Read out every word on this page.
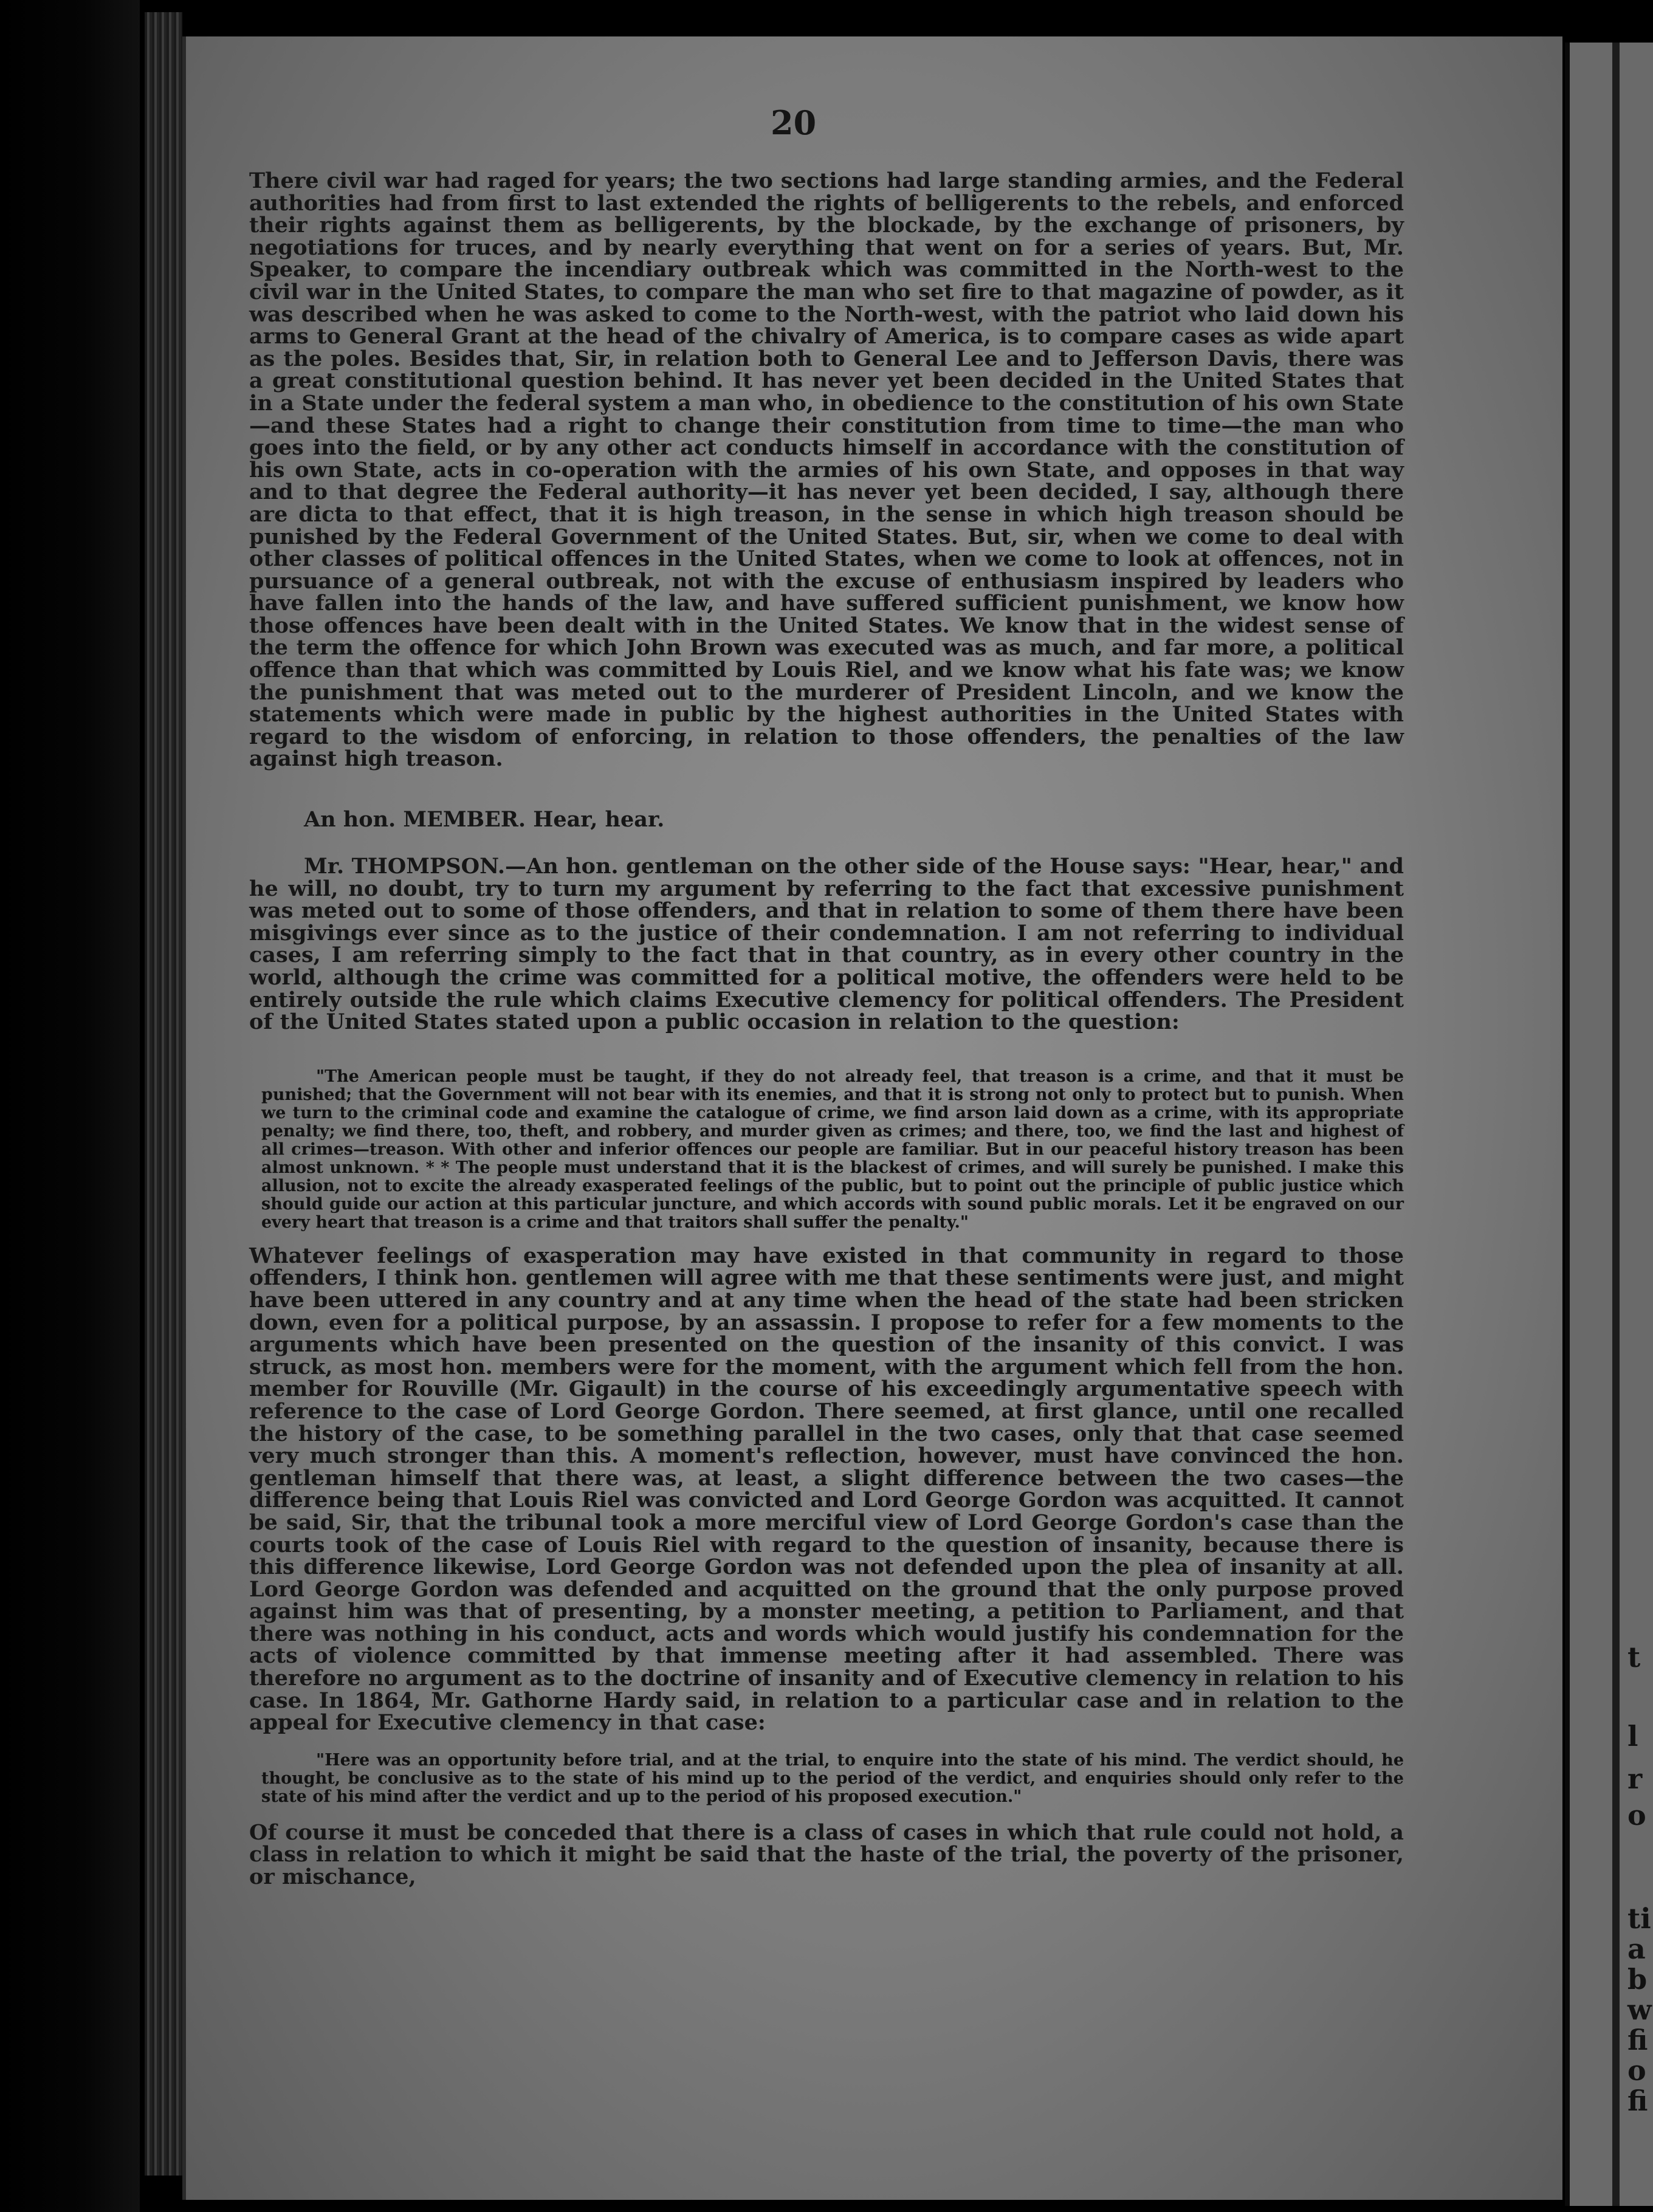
t
l
r
o
ti
a
b
w
fi
o
fi
20

There civil war had raged for years; the two sections had large standing armies, and the Federal authorities had from first to last extended the rights of belligerents to the rebels, and enforced their rights against them as belligerents, by the blockade, by the exchange of prisoners, by negotiations for truces, and by nearly everything that went on for a series of years. But, Mr. Speaker, to compare the incendiary outbreak which was committed in the North-west to the civil war in the United States, to compare the man who set fire to that magazine of powder, as it was described when he was asked to come to the North-west, with the patriot who laid down his arms to General Grant at the head of the chivalry of America, is to compare cases as wide apart as the poles. Besides that, Sir, in relation both to General Lee and to Jefferson Davis, there was a great constitutional question behind. It has never yet been decided in the United States that in a State under the federal system a man who, in obedience to the constitution of his own State—and these States had a right to change their constitution from time to time—the man who goes into the field, or by any other act conducts himself in accordance with the constitution of his own State, acts in co-operation with the armies of his own State, and opposes in that way and to that degree the Federal authority—it has never yet been decided, I say, although there are dicta to that effect, that it is high treason, in the sense in which high treason should be punished by the Federal Government of the United States. But, sir, when we come to deal with other classes of political offences in the United States, when we come to look at offences, not in pursuance of a general outbreak, not with the excuse of enthusiasm inspired by leaders who have fallen into the hands of the law, and have suffered sufficient punishment, we know how those offences have been dealt with in the United States. We know that in the widest sense of the term the offence for which John Brown was executed was as much, and far more, a political offence than that which was committed by Louis Riel, and we know what his fate was; we know the punishment that was meted out to the murderer of President Lincoln, and we know the statements which were made in public by the highest authorities in the United States with regard to the wisdom of enforcing, in relation to those offenders, the penalties of the law against high treason.

An hon. MEMBER. Hear, hear.

Mr. THOMPSON.—An hon. gentleman on the other side of the House says: "Hear, hear," and he will, no doubt, try to turn my argument by referring to the fact that excessive punishment was meted out to some of those offenders, and that in relation to some of them there have been misgivings ever since as to the justice of their condemnation. I am not referring to individual cases, I am referring simply to the fact that in that country, as in every other country in the world, although the crime was committed for a political motive, the offenders were held to be entirely outside the rule which claims Executive clemency for political offenders. The President of the United States stated upon a public occasion in relation to the question:

"The American people must be taught, if they do not already feel, that treason is a crime, and that it must be punished; that the Government will not bear with its enemies, and that it is strong not only to protect but to punish. When we turn to the criminal code and examine the catalogue of crime, we find arson laid down as a crime, with its appropriate penalty; we find there, too, theft, and robbery, and murder given as crimes; and there, too, we find the last and highest of all crimes—treason. With other and inferior offences our people are familiar. But in our peaceful history treason has been almost unknown. * * The people must understand that it is the blackest of crimes, and will surely be punished. I make this allusion, not to excite the already exasperated feelings of the public, but to point out the principle of public justice which should guide our action at this particular juncture, and which accords with sound public morals. Let it be engraved on our every heart that treason is a crime and that traitors shall suffer the penalty."

Whatever feelings of exasperation may have existed in that community in regard to those offenders, I think hon. gentlemen will agree with me that these sentiments were just, and might have been uttered in any country and at any time when the head of the state had been stricken down, even for a political purpose, by an assassin. I propose to refer for a few moments to the arguments which have been presented on the question of the insanity of this convict. I was struck, as most hon. members were for the moment, with the argument which fell from the hon. member for Rouville (Mr. Gigault) in the course of his exceedingly argumentative speech with reference to the case of Lord George Gordon. There seemed, at first glance, until one recalled the history of the case, to be something parallel in the two cases, only that that case seemed very much stronger than this. A moment's reflection, however, must have convinced the hon. gentleman himself that there was, at least, a slight difference between the two cases—the difference being that Louis Riel was convicted and Lord George Gordon was acquitted. It cannot be said, Sir, that the tribunal took a more merciful view of Lord George Gordon's case than the courts took of the case of Louis Riel with regard to the question of insanity, because there is this difference likewise, Lord George Gordon was not defended upon the plea of insanity at all. Lord George Gordon was defended and acquitted on the ground that the only purpose proved against him was that of presenting, by a monster meeting, a petition to Parliament, and that there was nothing in his conduct, acts and words which would justify his condemnation for the acts of violence committed by that immense meeting after it had assembled. There was therefore no argument as to the doctrine of insanity and of Executive clemency in relation to his case. In 1864, Mr. Gathorne Hardy said, in relation to a particular case and in relation to the appeal for Executive clemency in that case:

"Here was an opportunity before trial, and at the trial, to enquire into the state of his mind. The verdict should, he thought, be conclusive as to the state of his mind up to the period of the verdict, and enquiries should only refer to the state of his mind after the verdict and up to the period of his proposed execution."

Of course it must be conceded that there is a class of cases in which that rule could not hold, a class in relation to which it might be said that the haste of the trial, the poverty of the prisoner, or mischance,
